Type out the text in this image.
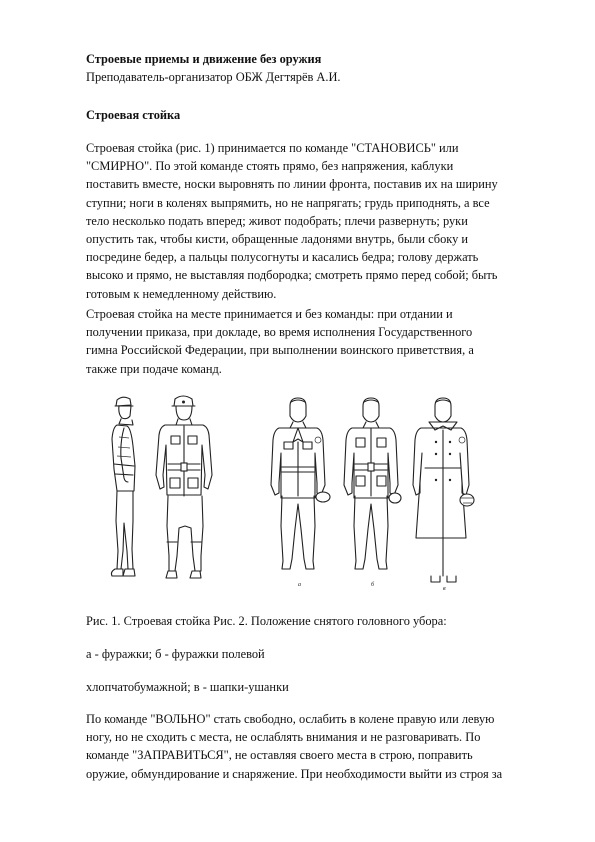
Строевые приемы и движение без оружия
Преподаватель-организатор ОБЖ Дегтярёв А.И.
Строевая стойка
Строевая стойка (рис. 1) принимается по команде "СТАНОВИСЬ" или
"СМИРНО". По этой команде стоять прямо, без напряжения, каблуки
поставить вместе, носки выровнять по линии фронта, поставив их на ширину
ступни; ноги в коленях выпрямить, но не напрягать; грудь приподнять, а все
тело несколько подать вперед; живот подобрать; плечи развернуть; руки
опустить так, чтобы кисти, обращенные ладонями внутрь, были сбоку и
посредине бедер, а пальцы полусогнуты и касались бедра; голову держать
высоко и прямо, не выставляя подбородка; смотреть прямо перед собой; быть
готовым к немедленному действию.
Строевая стойка на месте принимается и без команды: при отдании и
получении приказа, при докладе, во время исполнения Государственного
гимна Российской Федерации, при выполнении воинского приветствия, а
также при подаче команд.
а	б
в
Рис. 1. Строевая стойка Рис. 2. Положение снятого головного убора:
а - фуражки; б - фуражки полевой
хлопчатобумажной; в - шапки-ушанки
По команде "ВОЛЬНО" стать свободно, ослабить в колене правую или левую
ногу, но не сходить с места, не ослаблять внимания и не разговаривать. По
команде "ЗАПРАВИТЬСЯ", не оставляя своего места в строю, поправить
оружие, обмундирование и снаряжение. При необходимости выйти из строя за
